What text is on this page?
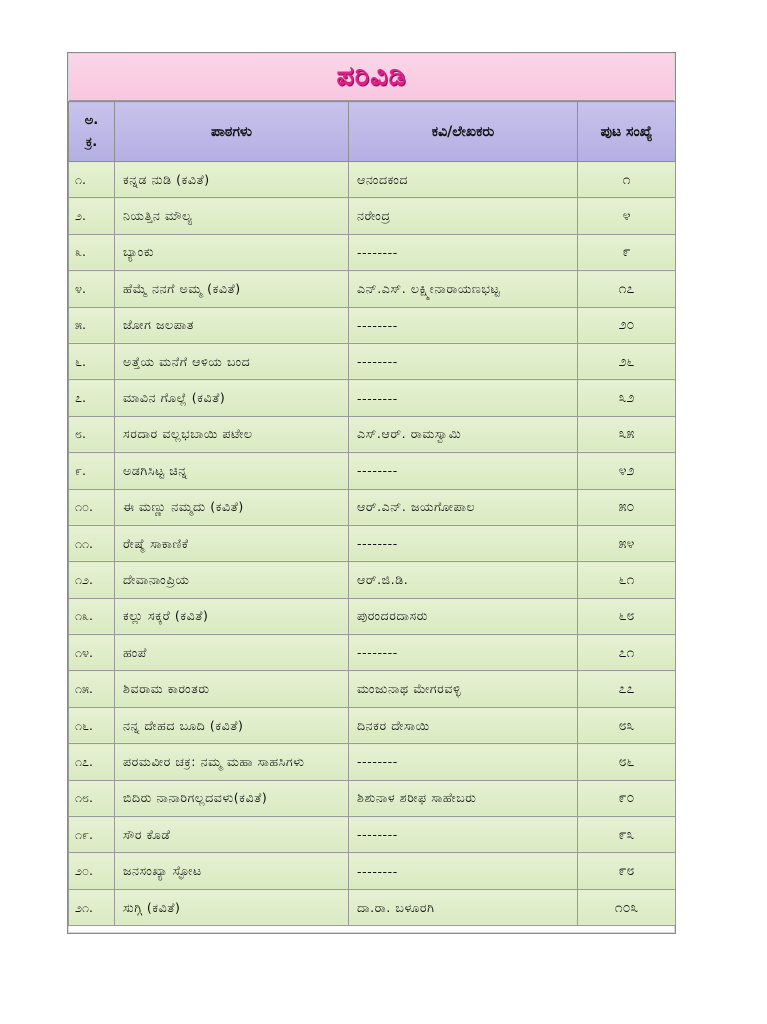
ಪರಿವಿಡಿ
ಅ.
ಕ್ರ.	ಪಾಠಗಳು	ಕವಿ/ಲೇಖಕರು	ಪುಟ ಸಂಖ್ಯೆ
೧.	ಕನ್ನಡ ನುಡಿ (ಕವಿತೆ)	ಆನಂದಕಂದ	೧
೨.	ನಿಯತ್ತಿನ ಮೌಲ್ಯ	ನರೇಂದ್ರ	೪
೩.	ಬ್ಯಾಂಕು	--------	೯
೪.	ಹೆಮ್ಮೆ ನನಗೆ ಅಮ್ಮ (ಕವಿತೆ)	ಎನ್.ಎಸ್. ಲಕ್ಷ್ಮೀನಾರಾಯಣಭಟ್ಟ	೧೭
೫.	ಜೋಗ ಜಲಪಾತ	--------	೨೦
೬.	ಅತ್ತೆಯ ಮನೆಗೆ ಆಳಿಯ ಬಂದ	--------	೨೬
೭.	ಮಾವಿನ ಗೊಲ್ಲೆ (ಕವಿತೆ)	--------	೩೨
೮.	ಸರದಾರ ವಲ್ಲಭಬಾಯಿ ಪಟೇಲ	ಎಸ್.ಆರ್. ರಾಮಸ್ವಾಮಿ	೩೫
೯.	ಅಡಗಿಸಿಟ್ಟ ಚಿನ್ನ	--------	೪೨
೧೦.	ಈ ಮಣ್ಣು ನಮ್ಮದು (ಕವಿತೆ)	ಆರ್.ಎನ್. ಜಯಗೋಪಾಲ	೫೦
೧೧.	ರೇಷ್ಮೆ ಸಾಕಾಣಿಕೆ	--------	೫೪
೧೨.	ದೇವಾನಾಂಪ್ರಿಯ	ಆರ್.ಜಿ.ಡಿ.	೬೧
೧೩.	ಕಲ್ಲು ಸಕ್ಕರೆ (ಕವಿತೆ)	ಪುರಂದರದಾಸರು	೬೮
೧೪.	ಹಂಪೆ	--------	೭೧
೧೫.	ಶಿವರಾಮ ಕಾರಂತರು	ಮಂಜುನಾಥ ಮೇಗರವಳ್ಳಿ	೭೭
೧೬.	ನನ್ನ ದೇಹದ ಬೂದಿ (ಕವಿತೆ)	ದಿನಕರ ದೇಸಾಯಿ	೮೩
೧೭.	ಪರಮವೀರ ಚಕ್ರ: ನಮ್ಮ ಮಹಾ ಸಾಹಸಿಗಳು	--------	೮೬
೧೮.	ಬಿದಿರು ನಾನಾರಿಗಲ್ಲದವಳು(ಕವಿತೆ)	ಶಿಶುನಾಳ ಶರೀಫ ಸಾಹೇಬರು	೯೦
೧೯.	ಸೌರ ಕೊಡೆ	--------	೯೩
೨೦.	ಜನಸಂಖ್ಯಾ ಸ್ಫೋಟ	--------	೯೮
೨೧.	ಸುಗ್ಗಿ (ಕವಿತೆ)	ದಾ.ರಾ. ಬಳೂರಗಿ	೧೦೩
